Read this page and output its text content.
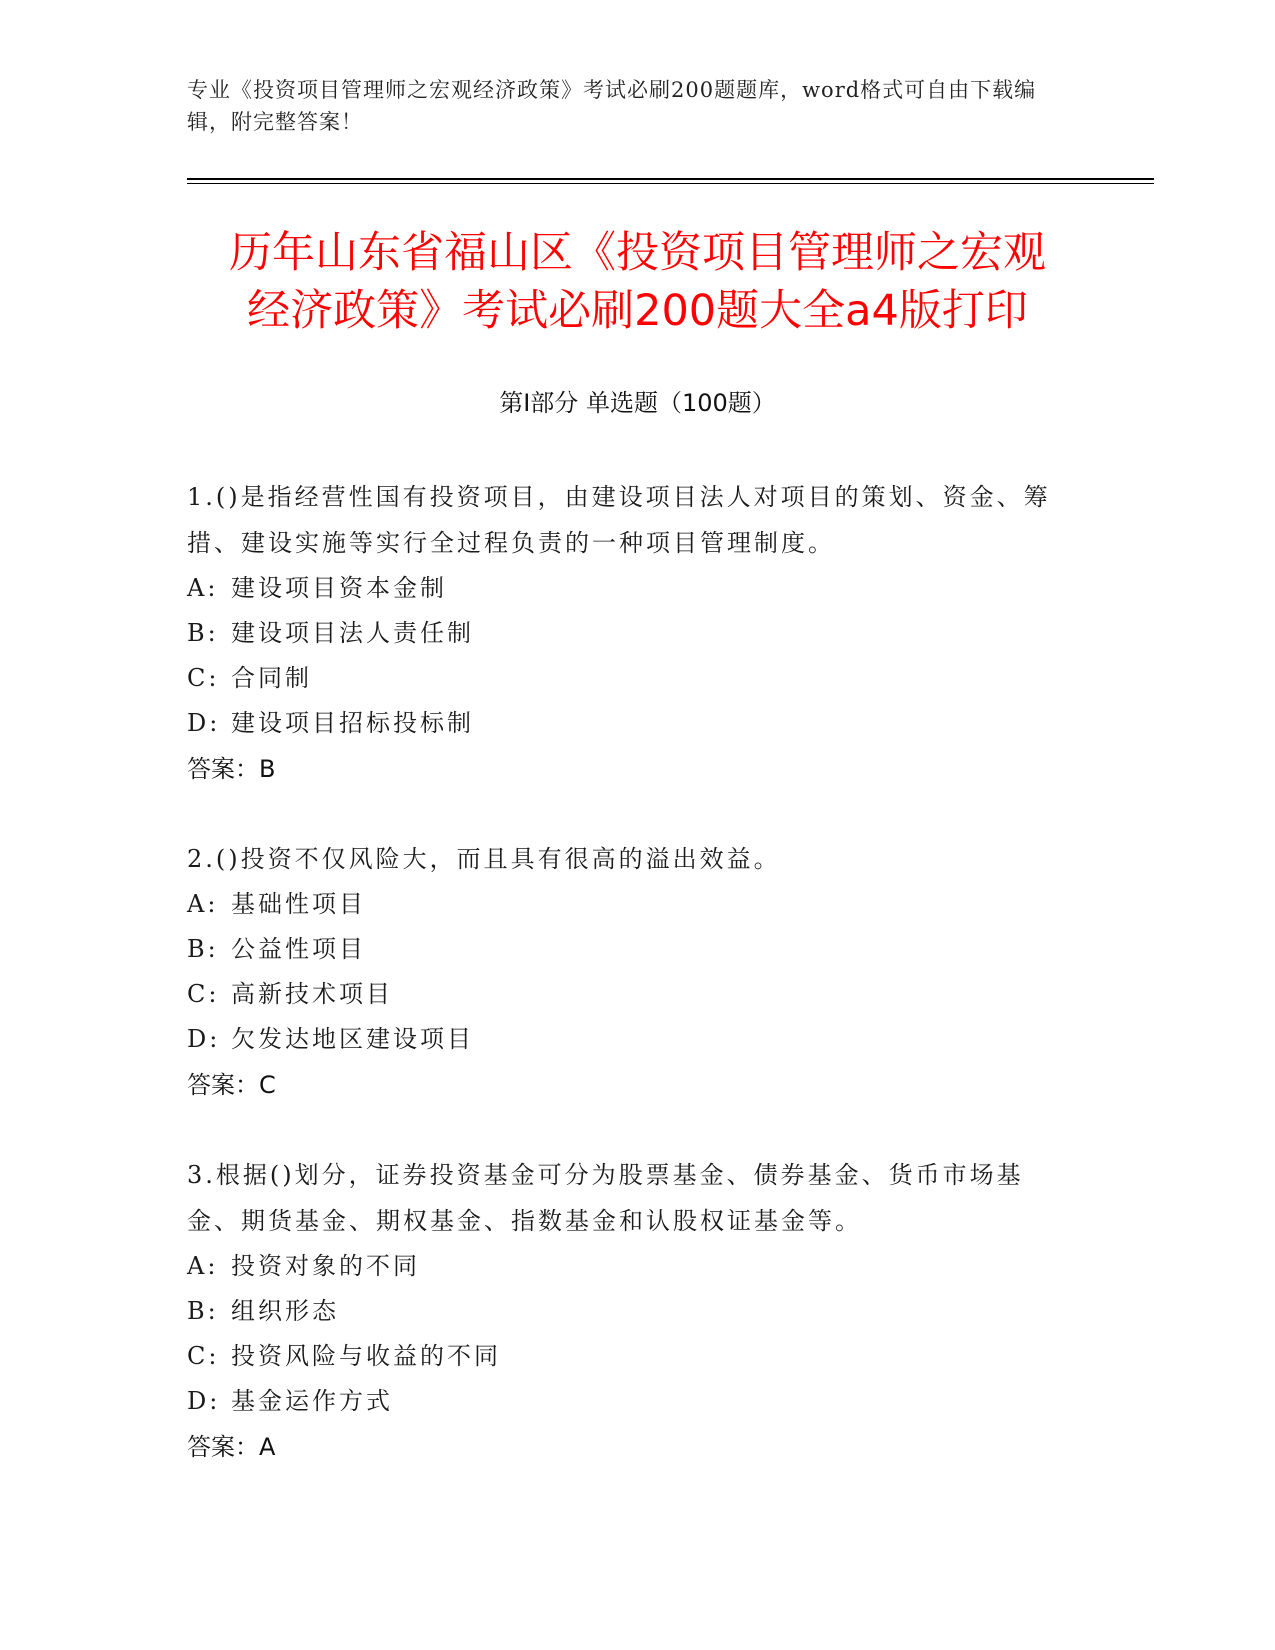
专业《投资项目管理师之宏观经济政策》考试必刷200题题库，word格式可自由下载编辑，附完整答案！
历年山东省福山区《投资项目管理师之宏观
经济政策》考试必刷200题大全a4版打印
第Ⅰ部分 单选题（100题）
1.()是指经营性国有投资项目，由建设项目法人对项目的策划、资金、筹措、建设实施等实行全过程负责的一种项目管理制度。
A: 建设项目资本金制
B: 建设项目法人责任制
C: 合同制
D: 建设项目招标投标制
答案：B
2.()投资不仅风险大，而且具有很高的溢出效益。
A: 基础性项目
B: 公益性项目
C: 高新技术项目
D: 欠发达地区建设项目
答案：C
3.根据()划分，证券投资基金可分为股票基金、债券基金、货币市场基金、期货基金、期权基金、指数基金和认股权证基金等。
A: 投资对象的不同
B: 组织形态
C: 投资风险与收益的不同
D: 基金运作方式
答案：A
